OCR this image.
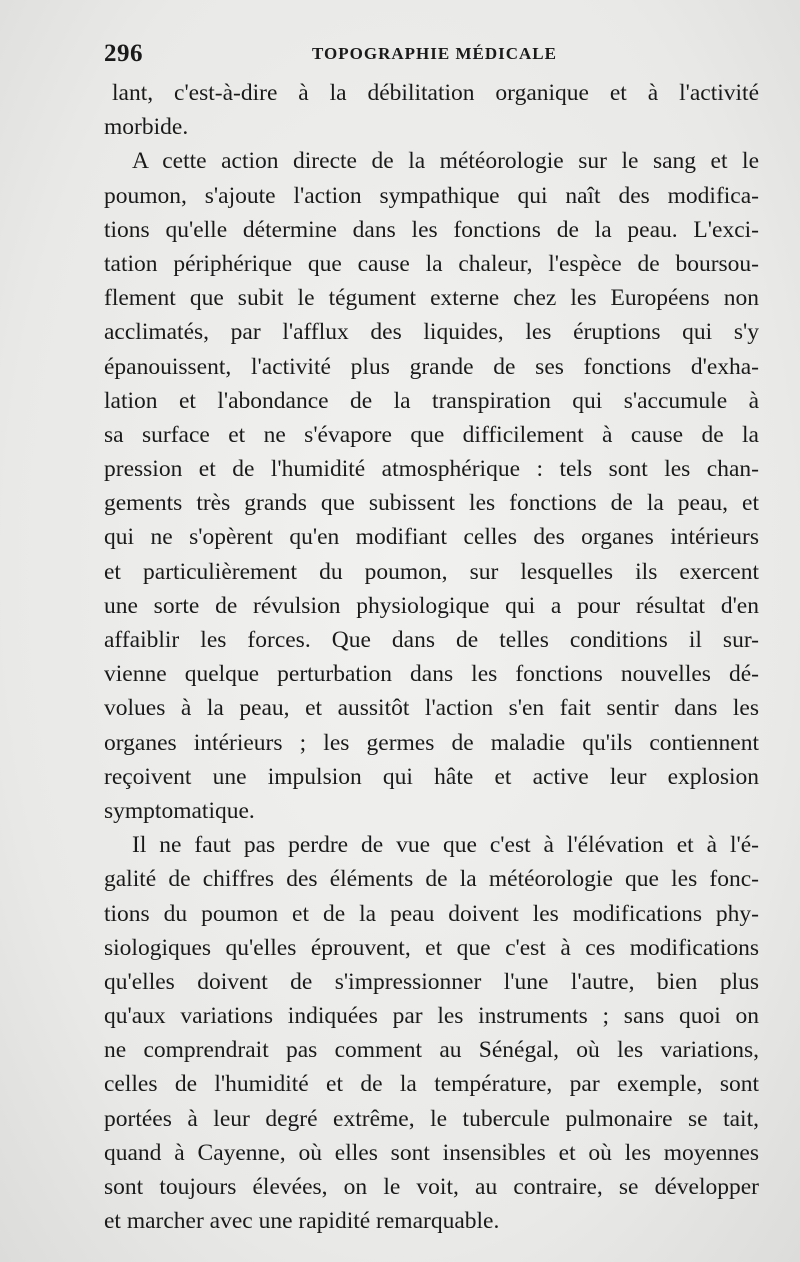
296	TOPOGRAPHIE MÉDICALE
lant, c'est-à-dire à la débilitation organique et à l'activité
morbide.
A cette action directe de la météorologie sur le sang et le
poumon, s'ajoute l'action sympathique qui naît des modifica-
tions qu'elle détermine dans les fonctions de la peau. L'exci-
tation périphérique que cause la chaleur, l'espèce de boursou-
flement que subit le tégument externe chez les Européens non
acclimatés, par l'afflux des liquides, les éruptions qui s'y
épanouissent, l'activité plus grande de ses fonctions d'exha-
lation et l'abondance de la transpiration qui s'accumule à
sa surface et ne s'évapore que difficilement à cause de la
pression et de l'humidité atmosphérique : tels sont les chan-
gements très grands que subissent les fonctions de la peau, et
qui ne s'opèrent qu'en modifiant celles des organes intérieurs
et particulièrement du poumon, sur lesquelles ils exercent
une sorte de révulsion physiologique qui a pour résultat d'en
affaiblir les forces. Que dans de telles conditions il sur-
vienne quelque perturbation dans les fonctions nouvelles dé-
volues à la peau, et aussitôt l'action s'en fait sentir dans les
organes intérieurs ; les germes de maladie qu'ils contiennent
reçoivent une impulsion qui hâte et active leur explosion
symptomatique.
Il ne faut pas perdre de vue que c'est à l'élévation et à l'é-
galité de chiffres des éléments de la météorologie que les fonc-
tions du poumon et de la peau doivent les modifications phy-
siologiques qu'elles éprouvent, et que c'est à ces modifications
qu'elles doivent de s'impressionner l'une l'autre, bien plus
qu'aux variations indiquées par les instruments ; sans quoi on
ne comprendrait pas comment au Sénégal, où les variations,
celles de l'humidité et de la température, par exemple, sont
portées à leur degré extrême, le tubercule pulmonaire se tait,
quand à Cayenne, où elles sont insensibles et où les moyennes
sont toujours élevées, on le voit, au contraire, se développer
et marcher avec une rapidité remarquable.
